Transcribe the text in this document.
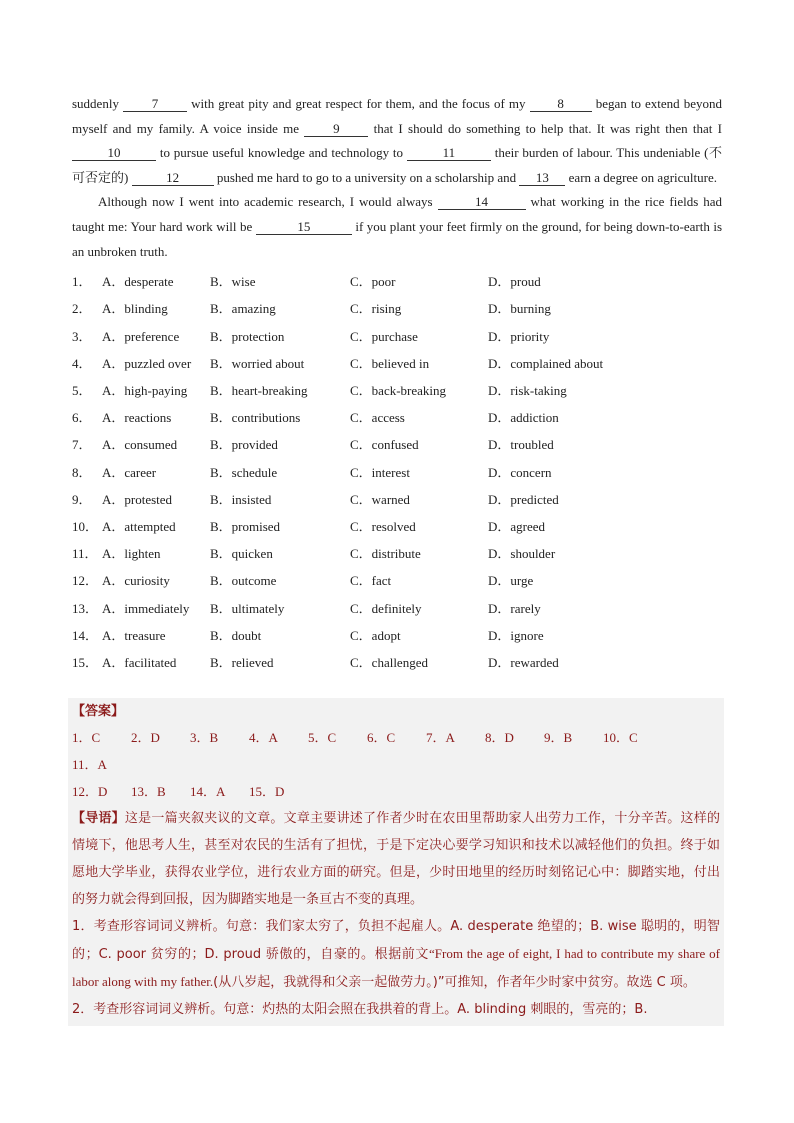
suddenly	7	with great pity and great respect for them, and the focus of my 8 began to extend beyond myself and my family. A voice inside me	9	that I should do something to help that. It was right then that I 10	to pursue useful knowledge and technology to	11	their burden of labour. This undeniable (不可否定的)	12	pushed me hard to go to a university on a scholarship and 13 earn a degree on agriculture.

Although now I went into academic research, I would always	14	what working in the rice fields had taught me: Your hard work will be	15	if you plant your feet firmly on the ground, for being down-to-earth is an unbroken truth.

1． A．desperate	B．wise	C．poor	D．proud
2． A．blinding	B．amazing	C．rising	D．burning
3． A．preference	B．protection	C．purchase	D．priority
4． A．puzzled over	B．worried about	C．believed in	D．complained about
5． A．high-paying	B．heart-breaking	C．back-breaking	D．risk-taking
6． A．reactions	B．contributions	C．access	D．addiction
7． A．consumed	B．provided	C．confused	D．troubled
8． A．career	B．schedule	C．interest	D．concern
9． A．protested	B．insisted	C．warned	D．predicted
10． A．attempted	B．promised	C．resolved	D．agreed
11． A．lighten	B．quicken	C．distribute	D．shoulder
12． A．curiosity	B．outcome	C．fact	D．urge
13． A．immediately	B．ultimately	C．definitely	D．rarely
14． A．treasure	B．doubt	C．adopt	D．ignore
15． A．facilitated	B．relieved	C．challenged	D．rewarded
【答案】
1．C	2．D	3．B	4．A	5．C	6．C	7．A	8．D	9．B	10．C
11．A
12．D	13．B	14．A	15．D

【导语】这是一篇夹叙夹议的文章。文章主要讲述了作者少时在农田里帮助家人出劳力工作，十分辛苦。这样的情境下，他思考人生，甚至对农民的生活有了担忧，于是下定决心要学习知识和技术以减轻他们的负担。终于如愿地大学毕业，获得农业学位，进行农业方面的研究。但是，少时田地里的经历时刻铭记心中：脚踏实地，付出的努力就会得到回报，因为脚踏实地是一条亘古不变的真理。

1．考查形容词词义辨析。句意：我们家太穷了，负担不起雇人。A. desperate 绝望的；B. wise 聪明的，明智的；C. poor 贫穷的；D. proud 骄傲的，自豪的。根据前文“From the age of eight, I had to contribute my share of labor along with my father.(从八岁起，我就得和父亲一起做劳力。)”可推知，作者年少时家中贫穷。故选 C 项。

2．考查形容词词义辨析。句意：灼热的太阳会照在我拱着的背上。A. blinding 刺眼的，雪亮的；B.
